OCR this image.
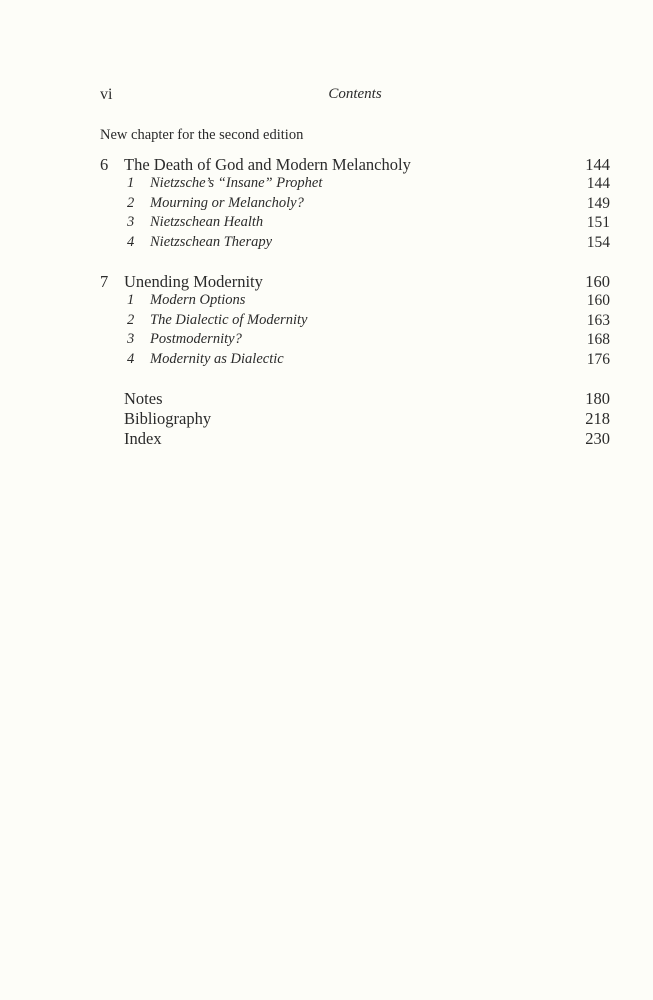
vi	Contents
New chapter for the second edition
6 The Death of God and Modern Melancholy	144
1 Nietzsche’s “Insane” Prophet	144
2 Mourning or Melancholy?	149
3 Nietzschean Health	151
4 Nietzschean Therapy	154
7 Unending Modernity	160
1 Modern Options	160
2 The Dialectic of Modernity	163
3 Postmodernity?	168
4 Modernity as Dialectic	176
Notes	180
Bibliography	218
Index	230
